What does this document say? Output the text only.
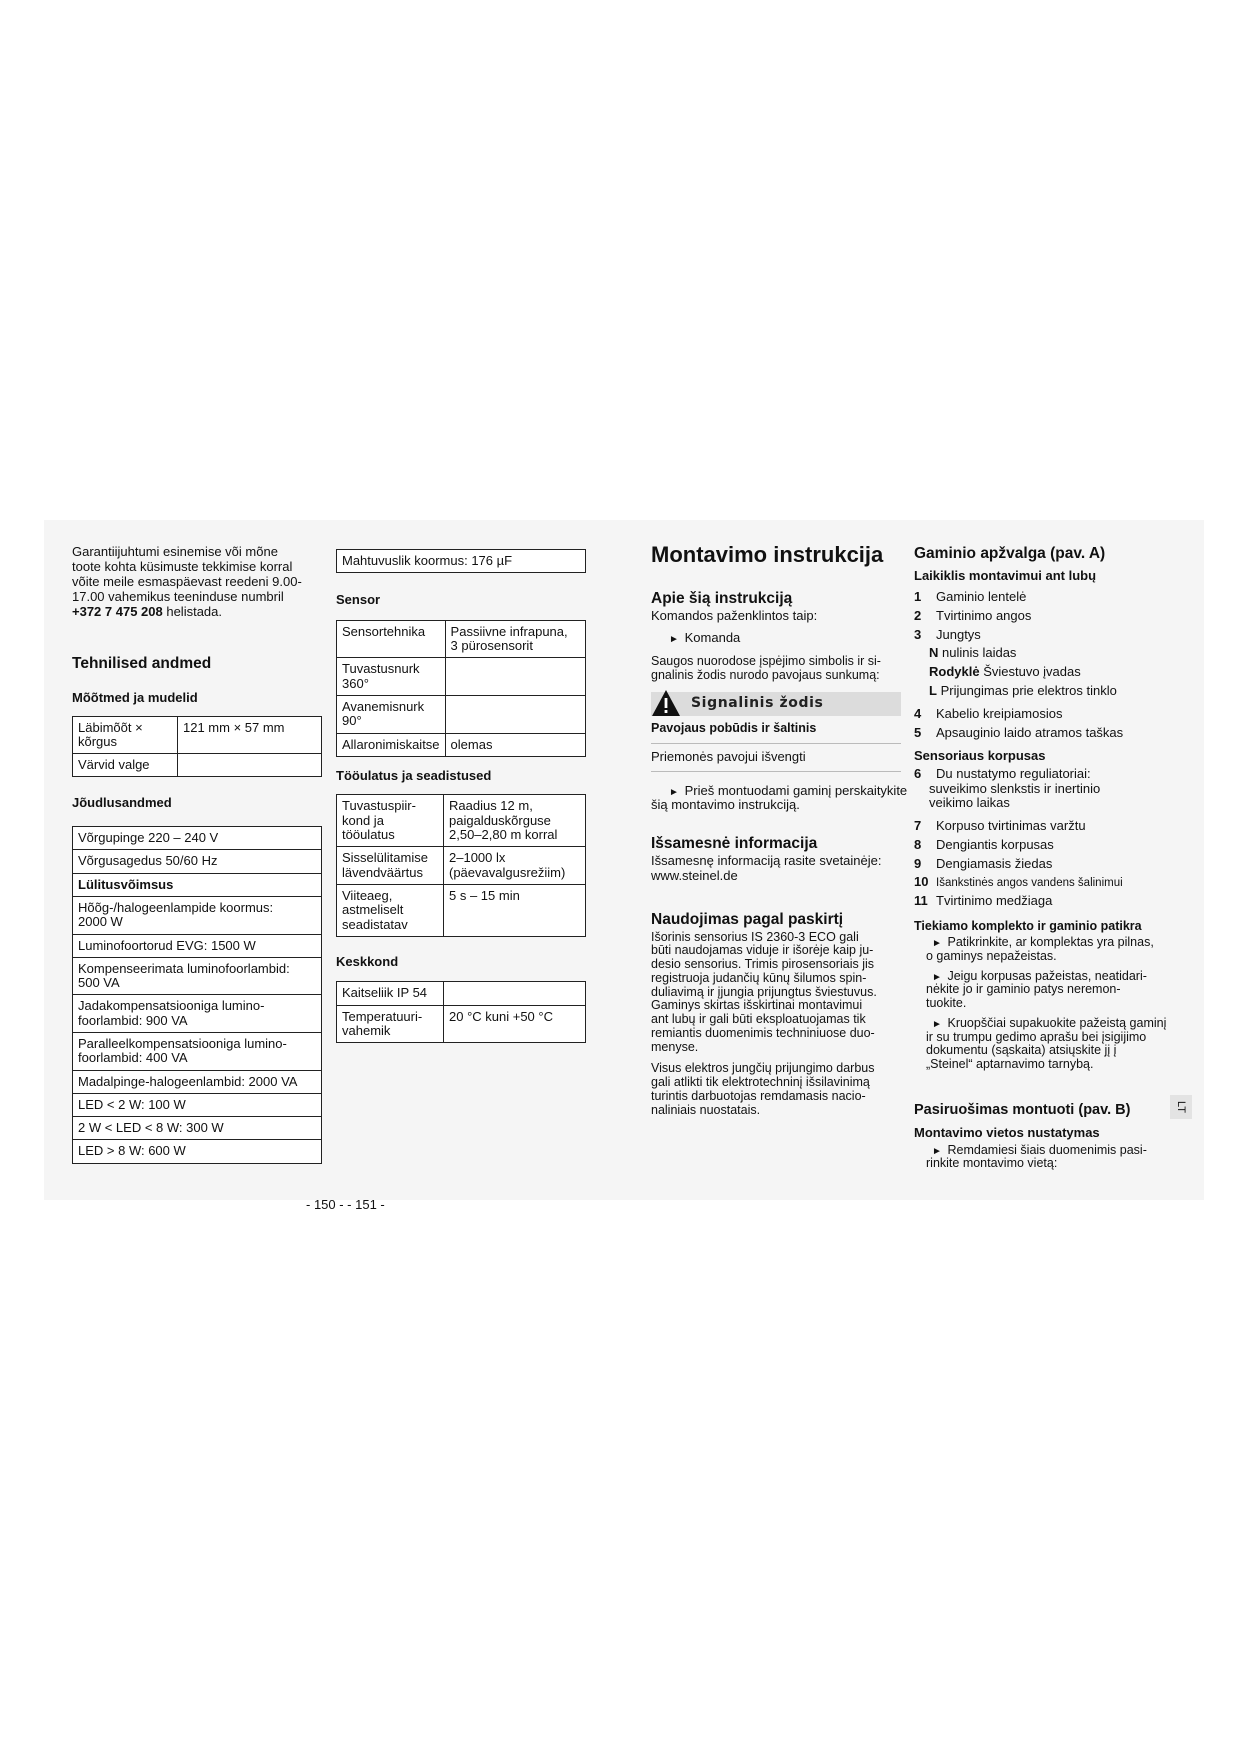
Garantiijuhtumi esinemise või mõne
toote kohta küsimuste tekkimise korral
võite meile esmaspäevast reedeni 9.00-
17.00 vahemikus teeninduse numbril
+372 7 475 208 helistada.
Tehnilised andmed
Mõõtmed ja mudelid
Läbimõõt ×
kõrgus	121 mm × 57 mm
Värvid valge	
Jõudlusandmed
Võrgupinge 220 – 240 V
Võrgusagedus 50/60 Hz
Lülitusvõimsus
Hõõg-/halogeenlampide koormus:
2000 W
Luminofoortorud EVG: 1500 W
Kompenseerimata luminofoorlambid:
500 VA
Jadakompensatsiooniga lumino-
foorlambid: 900 VA
Paralleelkompensatsiooniga lumino-
foorlambid: 400 VA
Madalpinge-halogeenlambid: 2000 VA
LED < 2 W: 100 W
2 W < LED < 8 W: 300 W
LED > 8 W: 600 W
Mahtuvuslik koormus: 176 µF
Sensor
Sensortehnika	Passiivne infrapuna,
3 pürosensorit
Tuvastusnurk 360°	
Avanemisnurk 90°	
Allaronimiskaitse	olemas
Tööulatus ja seadistused
Tuvastuspiir-
kond ja
tööulatus	Raadius 12 m,
paigalduskõrguse
2,50–2,80 m korral
Sisselülitamise
lävendväärtus	2–1000 lx
(päevavalgusrežiim)
Viiteaeg,
astmeliselt
seadistatav	5 s – 15 min
Keskkond
Kaitseliik IP 54	
Temperatuuri-
vahemik	20 °C kuni +50 °C
- 150 - - 151 -
Montavimo instrukcija
Apie šią instrukciją
Komandos paženklintos taip:
► Komanda
Saugos nuorodose įspėjimo simbolis ir si-
gnalinis žodis nurodo pavojaus sunkumą:
Signalinis žodis
Pavojaus pobūdis ir šaltinis
Priemonės pavojui išvengti
► Prieš montuodami gaminį perskaitykite
šią montavimo instrukciją.
Išsamesnė informacija
Išsamesnę informaciją rasite svetainėje:
www.steinel.de
Naudojimas pagal paskirtį
Išorinis sensorius IS 2360-3 ECO gali
būti naudojamas viduje ir išorėje kaip ju-
desio sensorius. Trimis pirosensoriais jis
registruoja judančių kūnų šilumos spin-
duliavimą ir įjungia prijungtus šviestuvus.
Gaminys skirtas išskirtinai montavimui
ant lubų ir gali būti eksploatuojamas tik
remiantis duomenimis techniniuose duo-
menyse.
Visus elektros jungčių prijungimo darbus
gali atlikti tik elektrotechninį išsilavinimą
turintis darbuotojas remdamasis nacio-
naliniais nuostatais.
Gaminio apžvalga (pav. A)
Laikiklis montavimui ant lubų
1 Gaminio lentelė
2 Tvirtinimo angos
3 Jungtys
N nulinis laidas
Rodyklė Šviestuvo įvadas
L Prijungimas prie elektros tinklo
4 Kabelio kreipiamosios
5 Apsauginio laido atramos taškas
Sensoriaus korpusas
6 Du nustatymo reguliatoriai:
suveikimo slenkstis ir inertinio
veikimo laikas
7 Korpuso tvirtinimas varžtu
8 Dengiantis korpusas
9 Dengiamasis žiedas
10 Išankstinės angos vandens šalinimui
11 Tvirtinimo medžiaga
Tiekiamo komplekto ir gaminio patikra
► Patikrinkite, ar komplektas yra pilnas,
o gaminys nepažeistas.
► Jeigu korpusas pažeistas, neatidari-
nėkite jo ir gaminio patys neremon-
tuokite.
► Kruopščiai supakuokite pažeistą gaminį
ir su trumpu gedimo aprašu bei įsigijimo
dokumentu (sąskaita) atsiųskite jį į
„Steinel“ aptarnavimo tarnybą.
Pasiruošimas montuoti (pav. B)
Montavimo vietos nustatymas
► Remdamiesi šiais duomenimis pasi-
rinkite montavimo vietą:
LT
